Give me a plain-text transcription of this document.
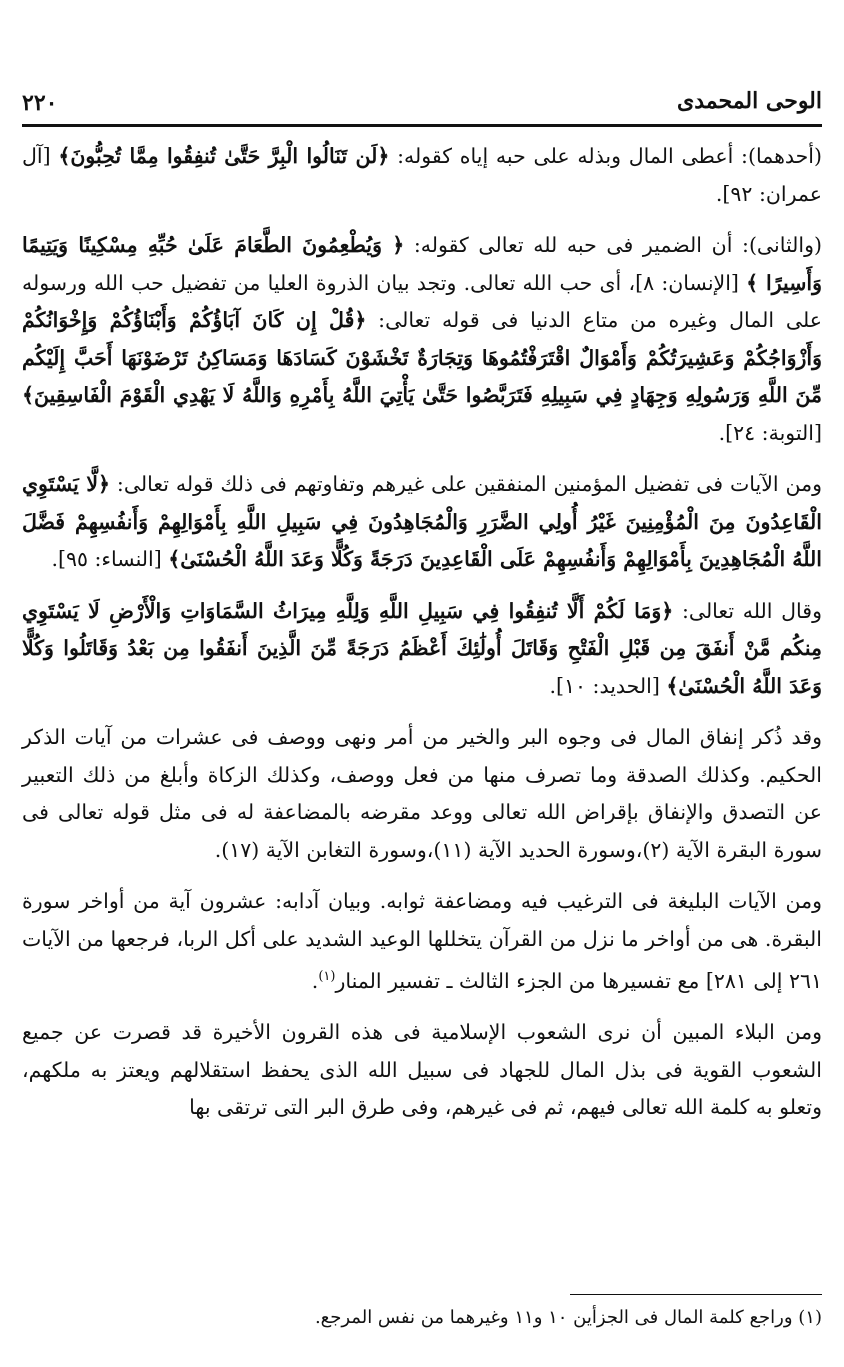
الوحى المحمدى
٢٢٠

(أحدهما): أعطى المال وبذله على حبه إياه كقوله: ﴿لَن تَنَالُوا الْبِرَّ حَتَّىٰ تُنفِقُوا مِمَّا تُحِبُّونَ﴾ [آل عمران: ٩٢].

(والثانى): أن الضمير فى حبه لله تعالى كقوله: ﴿ وَيُطْعِمُونَ الطَّعَامَ عَلَىٰ حُبِّهِ مِسْكِينًا وَيَتِيمًا وَأَسِيرًا ﴾ [الإنسان: ٨]، أى حب الله تعالى. وتجد بيان الذروة العليا من تفضيل حب الله ورسوله على المال وغيره من متاع الدنيا فى قوله تعالى: ﴿قُلْ إِن كَانَ آبَاؤُكُمْ وَأَبْنَاؤُكُمْ وَإِخْوَانُكُمْ وَأَزْوَاجُكُمْ وَعَشِيرَتُكُمْ وَأَمْوَالٌ اقْتَرَفْتُمُوهَا وَتِجَارَةٌ تَخْشَوْنَ كَسَادَهَا وَمَسَاكِنُ تَرْضَوْنَهَا أَحَبَّ إِلَيْكُم مِّنَ اللَّهِ وَرَسُولِهِ وَجِهَادٍ فِي سَبِيلِهِ فَتَرَبَّصُوا حَتَّىٰ يَأْتِيَ اللَّهُ بِأَمْرِهِ وَاللَّهُ لَا يَهْدِي الْقَوْمَ الْفَاسِقِينَ﴾ [التوبة: ٢٤].

ومن الآيات فى تفضيل المؤمنين المنفقين على غيرهم وتفاوتهم فى ذلك قوله تعالى: ﴿لَّا يَسْتَوِي الْقَاعِدُونَ مِنَ الْمُؤْمِنِينَ غَيْرُ أُولِي الضَّرَرِ وَالْمُجَاهِدُونَ فِي سَبِيلِ اللَّهِ بِأَمْوَالِهِمْ وَأَنفُسِهِمْ فَضَّلَ اللَّهُ الْمُجَاهِدِينَ بِأَمْوَالِهِمْ وَأَنفُسِهِمْ عَلَى الْقَاعِدِينَ دَرَجَةً وَكُلًّا وَعَدَ اللَّهُ الْحُسْنَىٰ﴾ [النساء: ٩٥].

وقال الله تعالى: ﴿وَمَا لَكُمْ أَلَّا تُنفِقُوا فِي سَبِيلِ اللَّهِ وَلِلَّهِ مِيرَاثُ السَّمَاوَاتِ وَالْأَرْضِ لَا يَسْتَوِي مِنكُم مَّنْ أَنفَقَ مِن قَبْلِ الْفَتْحِ وَقَاتَلَ أُولَٰئِكَ أَعْظَمُ دَرَجَةً مِّنَ الَّذِينَ أَنفَقُوا مِن بَعْدُ وَقَاتَلُوا وَكُلًّا وَعَدَ اللَّهُ الْحُسْنَىٰ﴾ [الحديد: ١٠].

وقد ذُكر إنفاق المال فى وجوه البر والخير من أمر ونهى ووصف فى عشرات من آيات الذكر الحكيم. وكذلك الصدقة وما تصرف منها من فعل ووصف، وكذلك الزكاة وأبلغ من ذلك التعبير عن التصدق والإنفاق بإقراض الله تعالى ووعد مقرضه بالمضاعفة له فى مثل قوله تعالى فى سورة البقرة الآية (٢)،وسورة الحديد الآية (١١)،وسورة التغابن الآية (١٧).

ومن الآيات البليغة فى الترغيب فيه ومضاعفة ثوابه. وبيان آدابه: عشرون آية من أواخر سورة البقرة. هى من أواخر ما نزل من القرآن يتخللها الوعيد الشديد على أكل الربا، فرجعها من الآيات ٢٦١ إلى ٢٨١] مع تفسيرها من الجزء الثالث ـ تفسير المنار$^{(١)}$.

ومن البلاء المبين أن نرى الشعوب الإسلامية فى هذه القرون الأخيرة قد قصرت عن جميع الشعوب القوية فى بذل المال للجهاد فى سبيل الله الذى يحفظ استقلالهم ويعتز به ملكهم، وتعلو به كلمة الله تعالى فيهم، ثم فى غيرهم، وفى طرق البر التى ترتقى بها

(١) وراجع كلمة المال فى الجزأين ١٠ و١١ وغيرهما من نفس المرجع.
